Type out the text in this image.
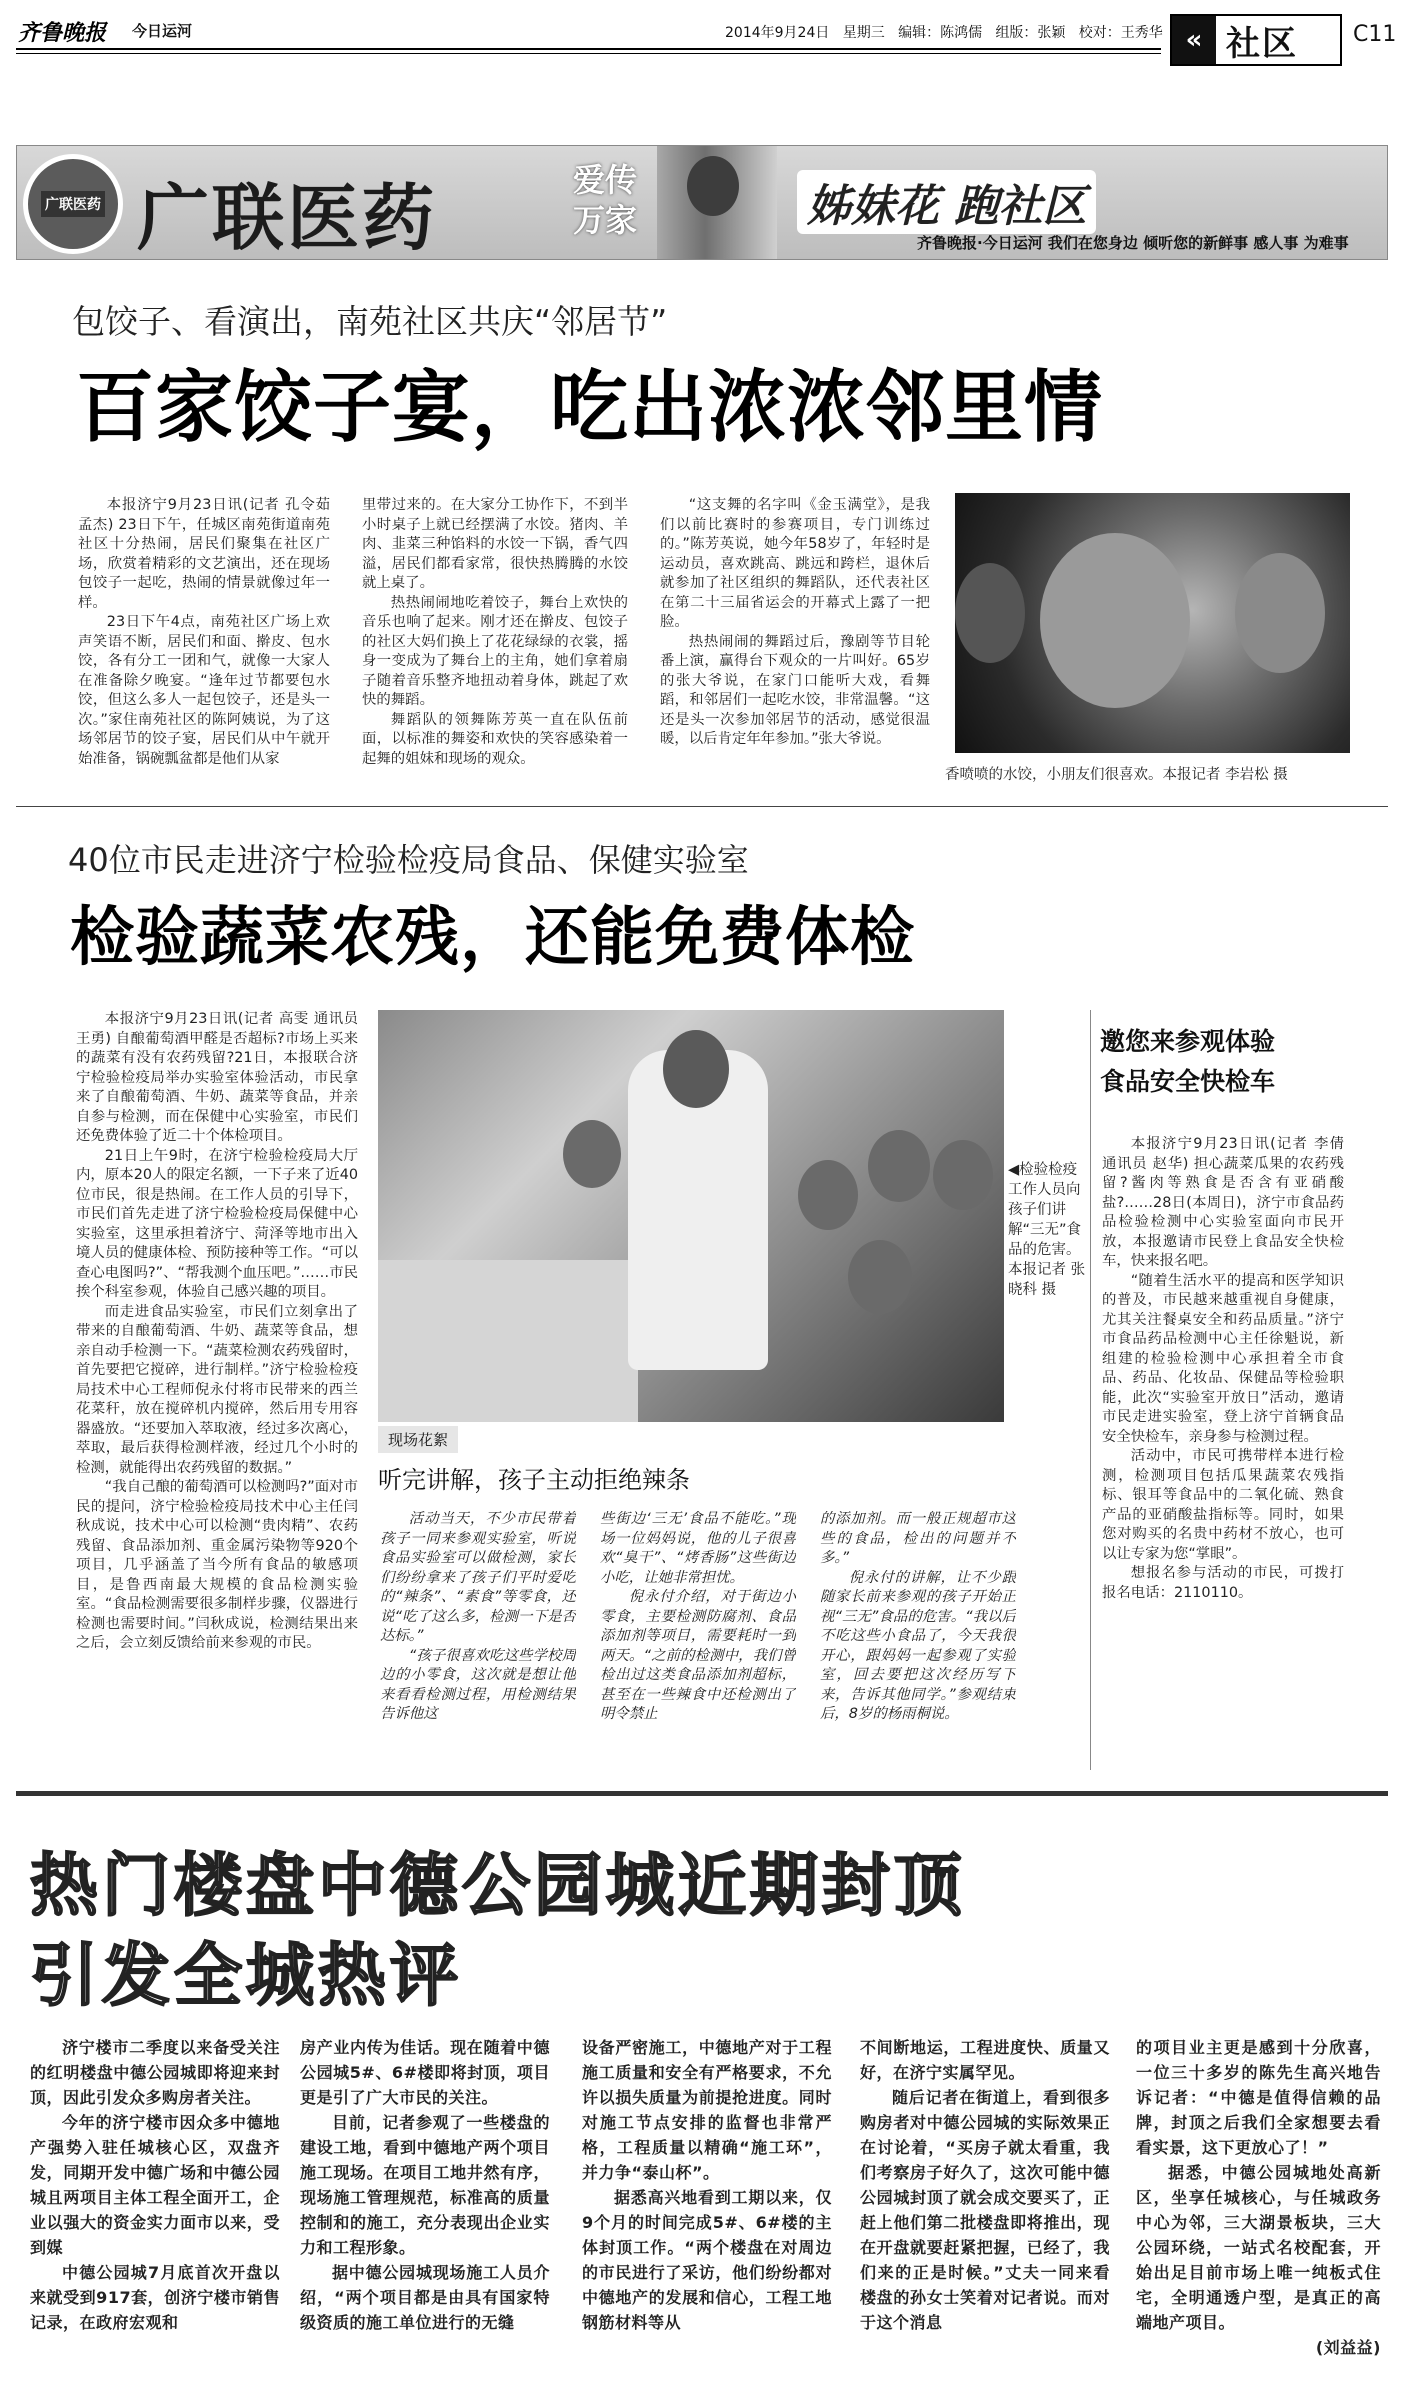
齐鲁晚报 今日运河	2014年9月24日 星期三 编辑：陈鸿儒 组版：张颖 校对：王秀华 « 社区	C11
广联医药 广联医药	爱传
万家	姊妹花 跑社区
齐鲁晚报·今日运河 我们在您身边 倾听您的新鲜事 感人事 为难事
包饺子、看演出，南苑社区共庆“邻居节”
百家饺子宴，吃出浓浓邻里情

本报济宁9月23日讯(记者 孔令茹 孟杰) 23日下午，任城区南苑街道南苑社区十分热闹，居民们聚集在社区广场，欣赏着精彩的文艺演出，还在现场包饺子一起吃，热闹的情景就像过年一样。

23日下午4点，南苑社区广场上欢声笑语不断，居民们和面、擀皮、包水饺，各有分工一团和气，就像一大家人在准备除夕晚宴。“逢年过节都要包水饺，但这么多人一起包饺子，还是头一次。”家住南苑社区的陈阿姨说，为了这场邻居节的饺子宴，居民们从中午就开始准备，锅碗瓢盆都是他们从家

里带过来的。在大家分工协作下，不到半小时桌子上就已经摆满了水饺。猪肉、羊肉、韭菜三种馅料的水饺一下锅，香气四溢，居民们都看家常，很快热腾腾的水饺就上桌了。

热热闹闹地吃着饺子，舞台上欢快的音乐也响了起来。刚才还在擀皮、包饺子的社区大妈们换上了花花绿绿的衣裳，摇身一变成为了舞台上的主角，她们拿着扇子随着音乐整齐地扭动着身体，跳起了欢快的舞蹈。

舞蹈队的领舞陈芳英一直在队伍前面，以标准的舞姿和欢快的笑容感染着一起舞的姐妹和现场的观众。

“这支舞的名字叫《金玉满堂》，是我们以前比赛时的参赛项目，专门训练过的。”陈芳英说，她今年58岁了，年轻时是运动员，喜欢跳高、跳远和跨栏，退休后就参加了社区组织的舞蹈队，还代表社区在第二十三届省运会的开幕式上露了一把脸。

热热闹闹的舞蹈过后，豫剧等节目轮番上演，赢得台下观众的一片叫好。65岁的张大爷说，在家门口能听大戏，看舞蹈，和邻居们一起吃水饺，非常温馨。“这还是头一次参加邻居节的活动，感觉很温暖，以后肯定年年参加。”张大爷说。

香喷喷的水饺，小朋友们很喜欢。本报记者 李岩松 摄
40位市民走进济宁检验检疫局食品、保健实验室
检验蔬菜农残，还能免费体检

本报济宁9月23日讯(记者 高雯 通讯员 王勇) 自酿葡萄酒甲醛是否超标?市场上买来的蔬菜有没有农药残留?21日，本报联合济宁检验检疫局举办实验室体验活动，市民拿来了自酿葡萄酒、牛奶、蔬菜等食品，并亲自参与检测，而在保健中心实验室，市民们还免费体验了近二十个体检项目。

21日上午9时，在济宁检验检疫局大厅内，原本20人的限定名额，一下子来了近40位市民，很是热闹。在工作人员的引导下，市民们首先走进了济宁检验检疫局保健中心实验室，这里承担着济宁、菏泽等地市出入境人员的健康体检、预防接种等工作。“可以查心电图吗?”、“帮我测个血压吧。”……市民挨个科室参观，体验自己感兴趣的项目。

而走进食品实验室，市民们立刻拿出了带来的自酿葡萄酒、牛奶、蔬菜等食品，想亲自动手检测一下。“蔬菜检测农药残留时，首先要把它搅碎，进行制样。”济宁检验检疫局技术中心工程师倪永付将市民带来的西兰花菜秆，放在搅碎机内搅碎，然后用专用容器盛放。“还要加入萃取液，经过多次离心，萃取，最后获得检测样液，经过几个小时的检测，就能得出农药残留的数据。”

“我自己酿的葡萄酒可以检测吗?”面对市民的提问，济宁检验检疫局技术中心主任闫秋成说，技术中心可以检测“贵肉精”、农药残留、食品添加剂、重金属污染物等920个项目，几乎涵盖了当今所有食品的敏感项目，是鲁西南最大规模的食品检测实验室。“食品检测需要很多制样步骤，仪器进行检测也需要时间。”闫秋成说，检测结果出来之后，会立刻反馈给前来参观的市民。

◀检验检疫工作人员向孩子们讲解“三无”食品的危害。本报记者 张晓科 摄
现场花絮
听完讲解，孩子主动拒绝辣条

活动当天，不少市民带着孩子一同来参观实验室，听说食品实验室可以做检测，家长们纷纷拿来了孩子们平时爱吃的“辣条”、“素食”等零食，还说“吃了这么多，检测一下是否达标。”

“孩子很喜欢吃这些学校周边的小零食，这次就是想让他来看看检测过程，用检测结果告诉他这

些街边‘三无’食品不能吃。”现场一位妈妈说，他的儿子很喜欢“臭干”、“烤香肠”这些街边小吃，让她非常担忧。

倪永付介绍，对于街边小零食，主要检测防腐剂、食品添加剂等项目，需要耗时一到两天。“之前的检测中，我们曾检出过这类食品添加剂超标，甚至在一些辣食中还检测出了明令禁止

的添加剂。而一般正规超市这些的食品，检出的问题并不多。”

倪永付的讲解，让不少跟随家长前来参观的孩子开始正视“三无”食品的危害。“我以后不吃这些小食品了，今天我很开心，跟妈妈一起参观了实验室，回去要把这次经历写下来，告诉其他同学。”参观结束后，8岁的杨雨桐说。

邀您来参观体验
食品安全快检车

本报济宁9月23日讯(记者 李倩 通讯员 赵华) 担心蔬菜瓜果的农药残留?酱肉等熟食是否含有亚硝酸盐?……28日(本周日)，济宁市食品药品检验检测中心实验室面向市民开放，本报邀请市民登上食品安全快检车，快来报名吧。

“随着生活水平的提高和医学知识的普及，市民越来越重视自身健康，尤其关注餐桌安全和药品质量。”济宁市食品药品检测中心主任徐魁说，新组建的检验检测中心承担着全市食品、药品、化妆品、保健品等检验职能，此次“实验室开放日”活动，邀请市民走进实验室，登上济宁首辆食品安全快检车，亲身参与检测过程。

活动中，市民可携带样本进行检测，检测项目包括瓜果蔬菜农残指标、银耳等食品中的二氧化硫、熟食产品的亚硝酸盐指标等。同时，如果您对购买的名贵中药材不放心，也可以让专家为您“掌眼”。

想报名参与活动的市民，可拨打报名电话：2110110。

热门楼盘中德公园城近期封顶
引发全城热评

济宁楼市二季度以来备受关注的红明楼盘中德公园城即将迎来封顶，因此引发众多购房者关注。

今年的济宁楼市因众多中德地产强势入驻任城核心区，双盘齐发，同期开发中德广场和中德公园城且两项目主体工程全面开工，企业以强大的资金实力面市以来，受到媒

中德公园城7月底首次开盘以来就受到917套，创济宁楼市销售记录，在政府宏观和

房产业内传为佳话。现在随着中德公园城5#、6#楼即将封顶，项目更是引了广大市民的关注。

目前，记者参观了一些楼盘的建设工地，看到中德地产两个项目施工现场。在项目工地井然有序，现场施工管理规范，标准高的质量控制和的施工，充分表现出企业实力和工程形象。

据中德公园城现场施工人员介绍，“两个项目都是由具有国家特级资质的施工单位进行的无缝

设备严密施工，中德地产对于工程施工质量和安全有严格要求，不允许以损失质量为前提抢进度。同时对施工节点安排的监督也非常严格，工程质量以精确“施工环”，并力争“泰山杯”。

据悉高兴地看到工期以来，仅9个月的时间完成5#、6#楼的主体封顶工作。“两个楼盘在对周边的市民进行了采访，他们纷纷都对中德地产的发展和信心，工程工地钢筋材料等从

不间断地运，工程进度快、质量又好，在济宁实属罕见。

随后记者在街道上，看到很多购房者对中德公园城的实际效果正在讨论着，“买房子就太看重，我们考察房子好久了，这次可能中德公园城封顶了就会成交要买了，正赶上他们第二批楼盘即将推出，现在开盘就要赶紧把握，已经了，我们来的正是时候。”丈夫一同来看楼盘的孙女士笑着对记者说。而对于这个消息

的项目业主更是感到十分欣喜，一位三十多岁的陈先生高兴地告诉记者：“中德是值得信赖的品牌，封顶之后我们全家想要去看看实景，这下更放心了！”

据悉，中德公园城地处高新区，坐享任城核心，与任城政务中心为邻，三大湖景板块，三大公园环绕，一站式名校配套，开始出足目前市场上唯一纯板式住宅，全明通透户型，是真正的高端地产项目。

(刘益益)
